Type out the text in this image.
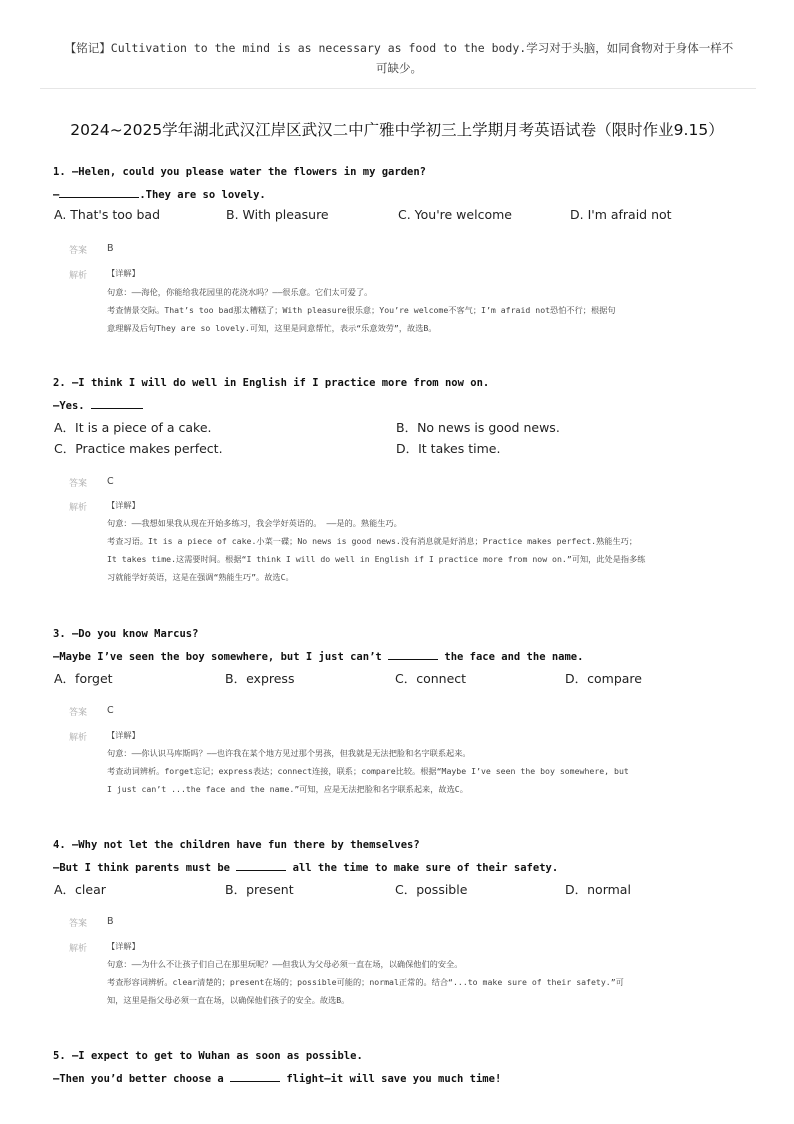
【铭记】Cultivation to the mind is as necessary as food to the body.学习对于头脑，如同食物对于身体一样不
可缺少。
2024~2025学年湖北武汉江岸区武汉二中广雅中学初三上学期月考英语试卷（限时作业9.15）
1. —Helen, could you please water the flowers in my garden?
—	.They are so lovely.
A. That's too bad	B. With pleasure	C. You're welcome	D. I'm afraid not
答案 B
解析 【详解】
句意：——海伦，你能给我花园里的花浇水吗？——很乐意。它们太可爱了。
考查情景交际。That’s too bad那太糟糕了；With pleasure很乐意；You’re welcome不客气；I’m afraid not恐怕不行；根据句
意理解及后句They are so lovely.可知，这里是同意帮忙，表示“乐意效劳”，故选B。
2. —I think I will do well in English if I practice more from now on.
—Yes.
A．It is a piece of a cake.	B．No news is good news.
C．Practice makes perfect.	D．It takes time.
答案 C
解析 【详解】
句意：——我想如果我从现在开始多练习，我会学好英语的。 ——是的。熟能生巧。
考查习语。It is a piece of cake.小菜一碟；No news is good news.没有消息就是好消息；Practice makes perfect.熟能生巧；
It takes time.这需要时间。根据“I think I will do well in English if I practice more from now on.”可知，此处是指多练
习就能学好英语，这是在强调“熟能生巧”。故选C。
3. —Do you know Marcus?
—Maybe I’ve seen the boy somewhere, but I just can’t	the face and the name.
A．forget	B．express	C．connect	D．compare
答案 C
解析 【详解】
句意：——你认识马库斯吗？——也许我在某个地方见过那个男孩，但我就是无法把脸和名字联系起来。
考查动词辨析。forget忘记；express表达；connect连接，联系；compare比较。根据“Maybe I’ve seen the boy somewhere, but
I just can’t ...the face and the name.”可知，应是无法把脸和名字联系起来，故选C。
4. —Why not let the children have fun there by themselves?
—But I think parents must be	all the time to make sure of their safety.
A．clear	B．present	C．possible	D．normal
答案 B
解析 【详解】
句意：——为什么不让孩子们自己在那里玩呢？——但我认为父母必须一直在场，以确保他们的安全。
考查形容词辨析。clear清楚的；present在场的；possible可能的；normal正常的。结合“...to make sure of their safety.”可
知，这里是指父母必须一直在场，以确保他们孩子的安全。故选B。
5. —I expect to get to Wuhan as soon as possible.
—Then you’d better choose a	flight—it will save you much time!
